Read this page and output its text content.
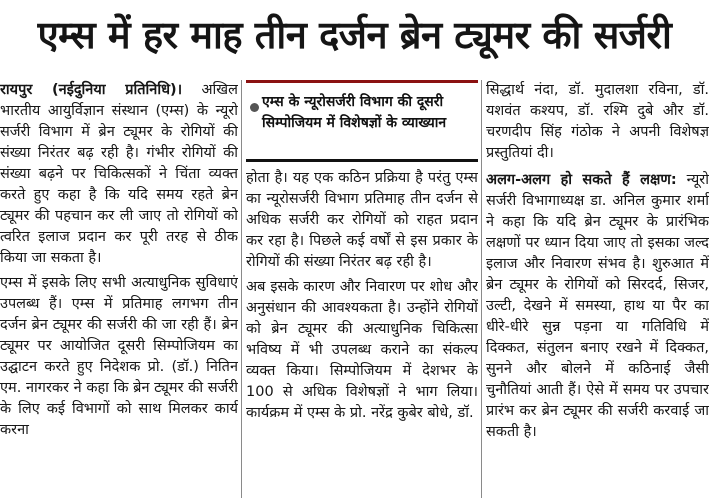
एम्स में हर माह तीन दर्जन ब्रेन ट्यूमर की सर्जरी

रायपुर (नईदुनिया प्रतिनिधि)। अखिल भारतीय आयुर्विज्ञान संस्थान (एम्स) के न्यूरो सर्जरी विभाग में ब्रेन ट्यूमर के रोगियों की संख्या निरंतर बढ़ रही है। गंभीर रोगियों की संख्या बढ़ने पर चिकित्सकों ने चिंता व्यक्त करते हुए कहा है कि यदि समय रहते ब्रेन ट्यूमर की पहचान कर ली जाए तो रोगियों को त्वरित इलाज प्रदान कर पूरी तरह से ठीक किया जा सकता है।

एम्स में इसके लिए सभी अत्याधुनिक सुविधाएं उपलब्ध हैं। एम्स में प्रतिमाह लगभग तीन दर्जन ब्रेन ट्यूमर की सर्जरी की जा रही हैं। ब्रेन ट्यूमर पर आयोजित दूसरी सिम्पोजियम का उद्घाटन करते हुए निदेशक प्रो. (डॉ.) नितिन एम. नागरकर ने कहा कि ब्रेन ट्यूमर की सर्जरी के लिए कई विभागों को साथ मिलकर कार्य करना

एम्स के न्यूरोसर्जरी विभाग की दूसरी सिम्पोजियम में विशेषज्ञों के व्याख्यान

होता है। यह एक कठिन प्रक्रिया है परंतु एम्स का न्यूरोसर्जरी विभाग प्रतिमाह तीन दर्जन से अधिक सर्जरी कर रोगियों को राहत प्रदान कर रहा है। पिछले कई वर्षों से इस प्रकार के रोगियों की संख्या निरंतर बढ़ रही है।

अब इसके कारण और निवारण पर शोध और अनुसंधान की आवश्यकता है। उन्होंने रोगियों को ब्रेन ट्यूमर की अत्याधुनिक चिकित्सा भविष्य में भी उपलब्ध कराने का संकल्प व्यक्त किया। सिम्पोजियम में देशभर के 100 से अधिक विशेषज्ञों ने भाग लिया। कार्यक्रम में एम्स के प्रो. नरेंद्र कुबेर बोधे, डॉ.

सिद्धार्थ नंदा, डॉ. मुदालशा रविना, डॉ. यशवंत कश्यप, डॉ. रश्मि दुबे और डॉ. चरणदीप सिंह गंठोक ने अपनी विशेषज्ञ प्रस्तुतियां दी।

अलग-अलग हो सकते हैं लक्षण: न्यूरो सर्जरी विभागाध्यक्ष डा. अनिल कुमार शर्मा ने कहा कि यदि ब्रेन ट्यूमर के प्रारंभिक लक्षणों पर ध्यान दिया जाए तो इसका जल्द इलाज और निवारण संभव है। शुरुआत में ब्रेन ट्यूमर के रोगियों को सिरदर्द, सिजर, उल्टी, देखने में समस्या, हाथ या पैर का धीरे-धीरे सुन्न पड़ना या गतिविधि में दिक्कत, संतुलन बनाए रखने में दिक्कत, सुनने और बोलने में कठिनाई जैसी चुनौतियां आती हैं। ऐसे में समय पर उपचार प्रारंभ कर ब्रेन ट्यूमर की सर्जरी करवाई जा सकती है।
